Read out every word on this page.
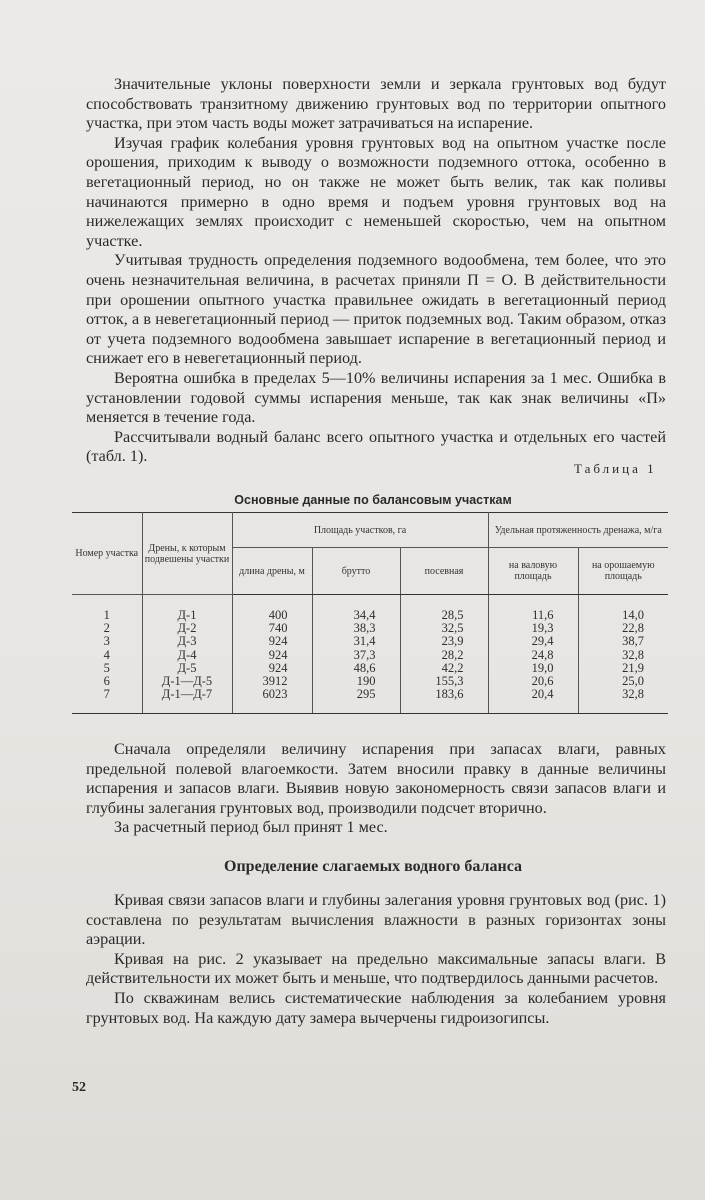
Значительные уклоны поверхности земли и зеркала грунтовых вод будут способствовать транзитному движению грунтовых вод по территории опытного участка, при этом часть воды может затрачиваться на испарение.

Изучая график колебания уровня грунтовых вод на опытном участке после орошения, приходим к выводу о возможности подземного оттока, особенно в вегетационный период, но он также не может быть велик, так как поливы начинаются примерно в одно время и подъем уровня грунтовых вод на нижележащих землях происходит с неменьшей скоростью, чем на опытном участке.

Учитывая трудность определения подземного водообмена, тем более, что это очень незначительная величина, в расчетах приняли П = О. В действительности при орошении опытного участка правильнее ожидать в вегетационный период отток, а в невегетационный период — приток подземных вод. Таким образом, отказ от учета подземного водообмена завышает испарение в вегетационный период и снижает его в невегетационный период.

Вероятна ошибка в пределах 5—10% величины испарения за 1 мес. Ошибка в установлении годовой суммы испарения меньше, так как знак величины «П» меняется в течение года.

Рассчитывали водный баланс всего опытного участка и отдельных его частей (табл. 1).

Таблица 1
Основные данные по балансовым участкам
Номер участка	Дрены, к которым подвешены участки	Площадь участков, га			Удельная протяженность дренажа, м/га	
		длина дрены, м	брутто	посевная	на валовую площадь	на орошаемую площадь
1	Д-1	400	34,4	28,5	11,6	14,0
2	Д-2	740	38,3	32,5	19,3	22,8
3	Д-3	924	31,4	23,9	29,4	38,7
4	Д-4	924	37,3	28,2	24,8	32,8
5	Д-5	924	48,6	42,2	19,0	21,9
6	Д-1—Д-5	3912	190	155,3	20,6	25,0
7	Д-1—Д-7	6023	295	183,6	20,4	32,8

Сначала определяли величину испарения при запасах влаги, равных предельной полевой влагоемкости. Затем вносили правку в данные величины испарения и запасов влаги. Выявив новую закономерность связи запасов влаги и глубины залегания грунтовых вод, производили подсчет вторично.

За расчетный период был принят 1 мес.

Определение слагаемых водного баланса

Кривая связи запасов влаги и глубины залегания уровня грунтовых вод (рис. 1) составлена по результатам вычисления влажности в разных горизонтах зоны аэрации.

Кривая на рис. 2 указывает на предельно максимальные запасы влаги. В действительности их может быть и меньше, что подтвердилось данными расчетов.

По скважинам велись систематические наблюдения за колебанием уровня грунтовых вод. На каждую дату замера вычерчены гидроизогипсы.

52
